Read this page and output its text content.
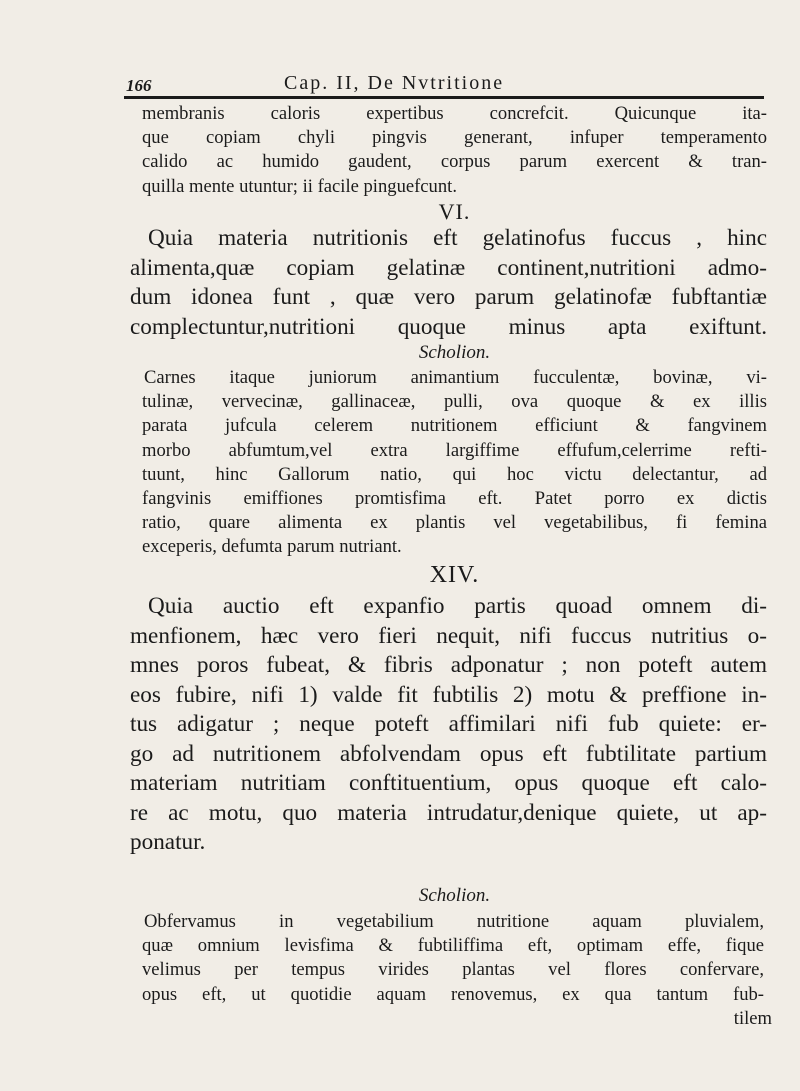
166	Cap. II, De Nvtritione
membranis caloris expertibus concrefcit. Quicunque ita-
que copiam chyli pingvis generant, infuper temperamento
calido ac humido gaudent, corpus parum exercent & tran-
quilla mente utuntur; ii facile pinguefcunt.
VI.
Quia materia nutritionis eft gelatinofus fuccus , hinc
alimenta,quæ copiam gelatinæ continent,nutritioni admo-
dum idonea funt , quæ vero parum gelatinofæ fubftantiæ
complectuntur,nutritioni quoque minus apta exiftunt.
Scholion.
Carnes itaque juniorum animantium fucculentæ, bovinæ, vi-
tulinæ, vervecinæ, gallinaceæ, pulli, ova quoque & ex illis
parata jufcula celerem nutritionem efficiunt & fangvinem
morbo abfumtum,vel extra largiffime effufum,celerrime refti-
tuunt, hinc Gallorum natio, qui hoc victu delectantur, ad
fangvinis emiffiones promtisfima eft. Patet porro ex dictis
ratio, quare alimenta ex plantis vel vegetabilibus, fi femina
exceperis, defumta parum nutriant.
XIV.
Quia auctio eft expanfio partis quoad omnem di-
menfionem, hæc vero fieri nequit, nifi fuccus nutritius o-
mnes poros fubeat, & fibris adponatur ; non poteft autem
eos fubire, nifi 1) valde fit fubtilis 2) motu & preffione in-
tus adigatur ; neque poteft affimilari nifi fub quiete: er-
go ad nutritionem abfolvendam opus eft fubtilitate partium
materiam nutritiam conftituentium, opus quoque eft calo-
re ac motu, quo materia intrudatur,denique quiete, ut ap-
ponatur.
Scholion.
Obfervamus in vegetabilium nutritione aquam pluvialem,
quæ omnium levisfima & fubtiliffima eft, optimam effe, fique
velimus per tempus virides plantas vel flores confervare,
opus eft, ut quotidie aquam renovemus, ex qua tantum fub-
tilem
